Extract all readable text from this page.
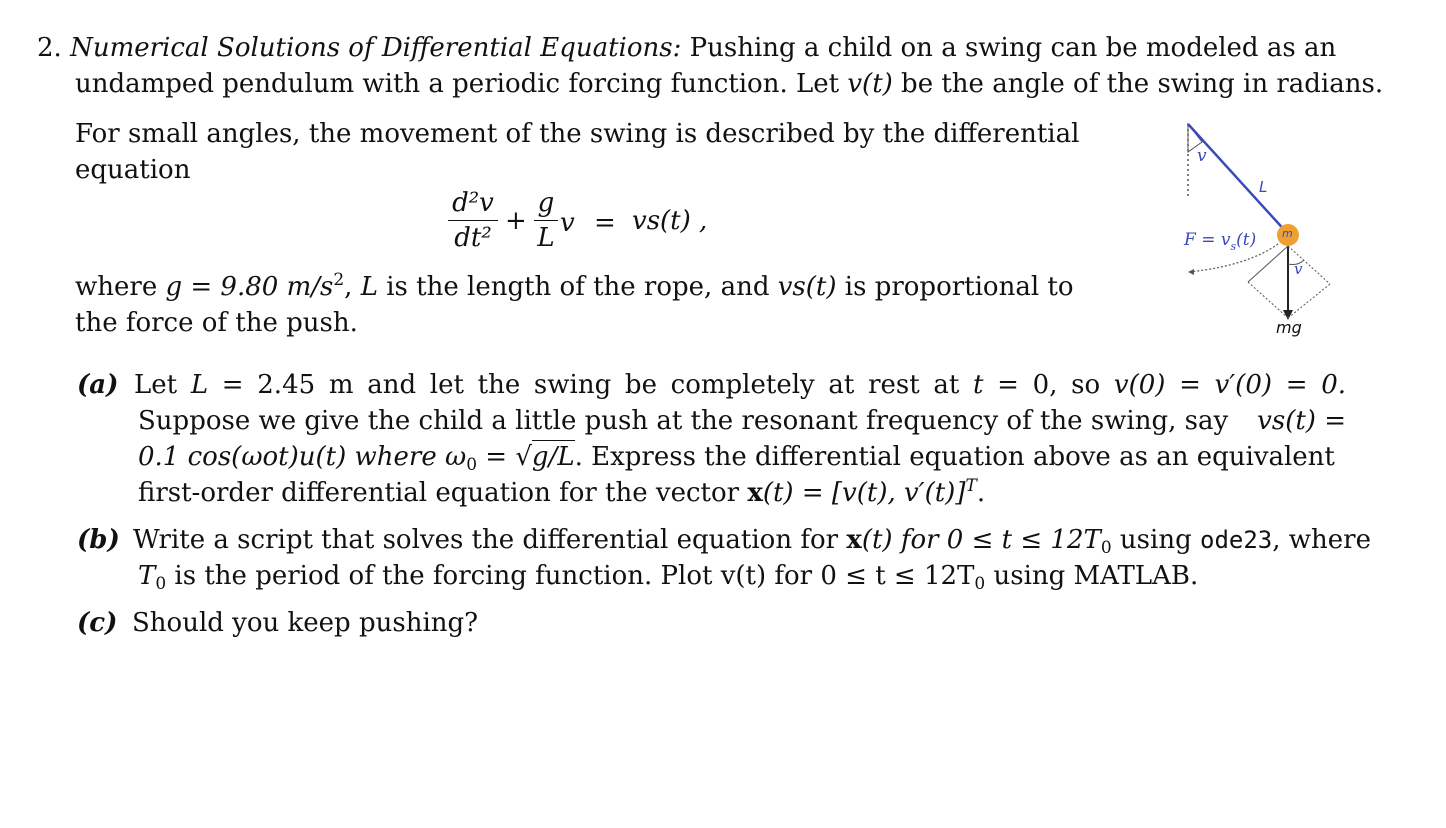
2. Numerical Solutions of Differential Equations: Pushing a child on a swing can be modeled as an
undamped pendulum with a periodic forcing function. Let v(t) be the angle of the swing in radians.
For small angles, the movement of the swing is described by the differential
equation
d²v
dt²
+
g
L v = vs(t) ,
where g = 9.80 $m/s^2$, L is the length of the rope, and vs(t) is proportional to
the force of the push.
v
L
m
$F = v_s(t)$
v
mg
(a) Let L = 2.45 m and let the swing be completely at rest at t = 0, so v(0) = v′(0) = 0.
Suppose we give the child a little push at the resonant frequency of the swing, say vs(t) =
0.1 cos(ωot)u(t) where $\omega_0 = √g/L$. Express the differential equation above as an equivalent
first-order differential equation for the vector x(t) = [v(t), v′(t)]$^T$.
(b) Write a script that solves the differential equation for x(t) for $0 \le t \le 12T_0$ using ode23, where
$T_0$ is the period of the forcing function. Plot v(t) for $0 \le t \le 12T_0$ using MATLAB.
(c) Should you keep pushing?
